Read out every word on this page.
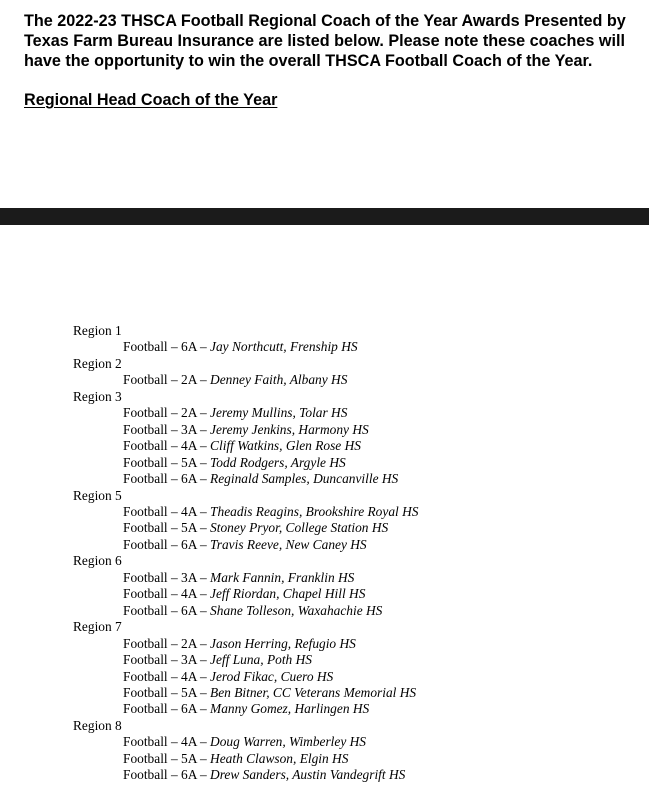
The 2022-23 THSCA Football Regional Coach of the Year Awards Presented by Texas Farm Bureau Insurance are listed below. Please note these coaches will have the opportunity to win the overall THSCA Football Coach of the Year.

Regional Head Coach of the Year

Region 1
Football – 6A – Jay Northcutt, Frenship HS
Region 2
Football – 2A – Denney Faith, Albany HS
Region 3
Football – 2A – Jeremy Mullins, Tolar HS
Football – 3A – Jeremy Jenkins, Harmony HS
Football – 4A – Cliff Watkins, Glen Rose HS
Football – 5A – Todd Rodgers, Argyle HS
Football – 6A – Reginald Samples, Duncanville HS
Region 5
Football – 4A – Theadis Reagins, Brookshire Royal HS
Football – 5A – Stoney Pryor, College Station HS
Football – 6A – Travis Reeve, New Caney HS
Region 6
Football – 3A – Mark Fannin, Franklin HS
Football – 4A – Jeff Riordan, Chapel Hill HS
Football – 6A – Shane Tolleson, Waxahachie HS
Region 7
Football – 2A – Jason Herring, Refugio HS
Football – 3A – Jeff Luna, Poth HS
Football – 4A – Jerod Fikac, Cuero HS
Football – 5A – Ben Bitner, CC Veterans Memorial HS
Football – 6A – Manny Gomez, Harlingen HS
Region 8
Football – 4A – Doug Warren, Wimberley HS
Football – 5A – Heath Clawson, Elgin HS
Football – 6A – Drew Sanders, Austin Vandegrift HS
